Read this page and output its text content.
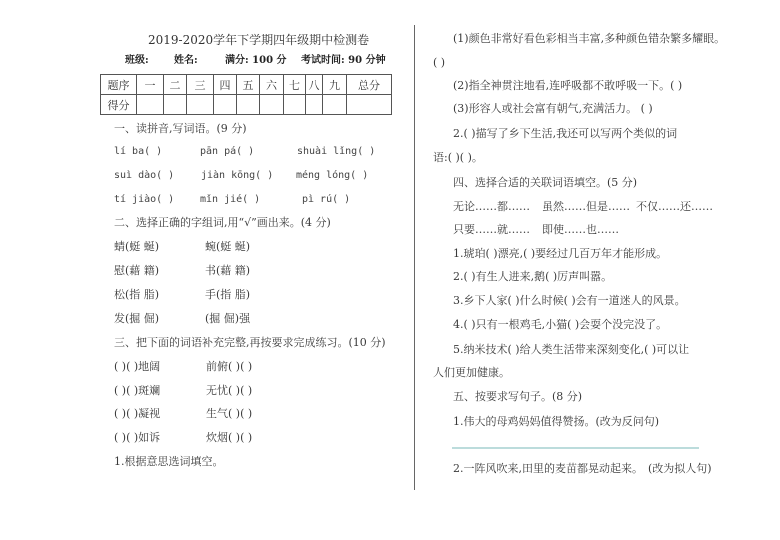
2019-2020学年下学期四年级期中检测卷
班级:	姓名:	满分: 100 分 考试时间: 90 分钟
题序	一	二	三	四	五	六	七	八	九	总分
得分										
一、读拼音,写词语。(9 分)
lí ba( )	pān pá( )	shuài lǐng( )
suì dào( )	jiàn kōng( ) méng lóng( )
tí jiào( )	mǐn jié( )	pì rú( )
二、选择正确的字组词,用“√”画出来。(4 分)
蜻(蜓 蜒)	蜿(蜓 蜒)
慰(藉 籍)	书(藉 籍)
松(指 脂)	手(指 脂)
发(掘 倔)	(掘 倔)强
三、把下面的词语补充完整,再按要求完成练习。(10 分)
( )( )地阔	前俯( )( )
( )( )斑斓	无忧( )( )
( )( )凝视	生气( )( )
( )( )如诉	炊烟( )( )
1.根据意思选词填空。
(1)颜色非常好看色彩相当丰富,多种颜色错杂繁多耀眼。
( )
(2)指全神贯注地看,连呼吸都不敢呼吸一下。( )
(3)形容人或社会富有朝气,充满活力。 ( )
2.( )描写了乡下生活,我还可以写两个类似的词
语:( )( )。
四、选择合适的关联词语填空。(5 分)
无论……都…… 虽然……但是…… 不仅……还……
只要……就…… 即使……也……
1.琥珀( )漂亮,( )要经过几百万年才能形成。
2.( )有生人进来,鹅( )厉声叫嚣。
3.乡下人家( )什么时候( )会有一道迷人的风景。
4.( )只有一根鸡毛,小猫( )会耍个没完没了。
5.纳米技术( )给人类生活带来深刻变化,( )可以让
人们更加健康。
五、按要求写句子。(8 分)
1.伟大的母鸡妈妈值得赞扬。(改为反问句)
2.一阵风吹来,田里的麦苗都晃动起来。 (改为拟人句)
